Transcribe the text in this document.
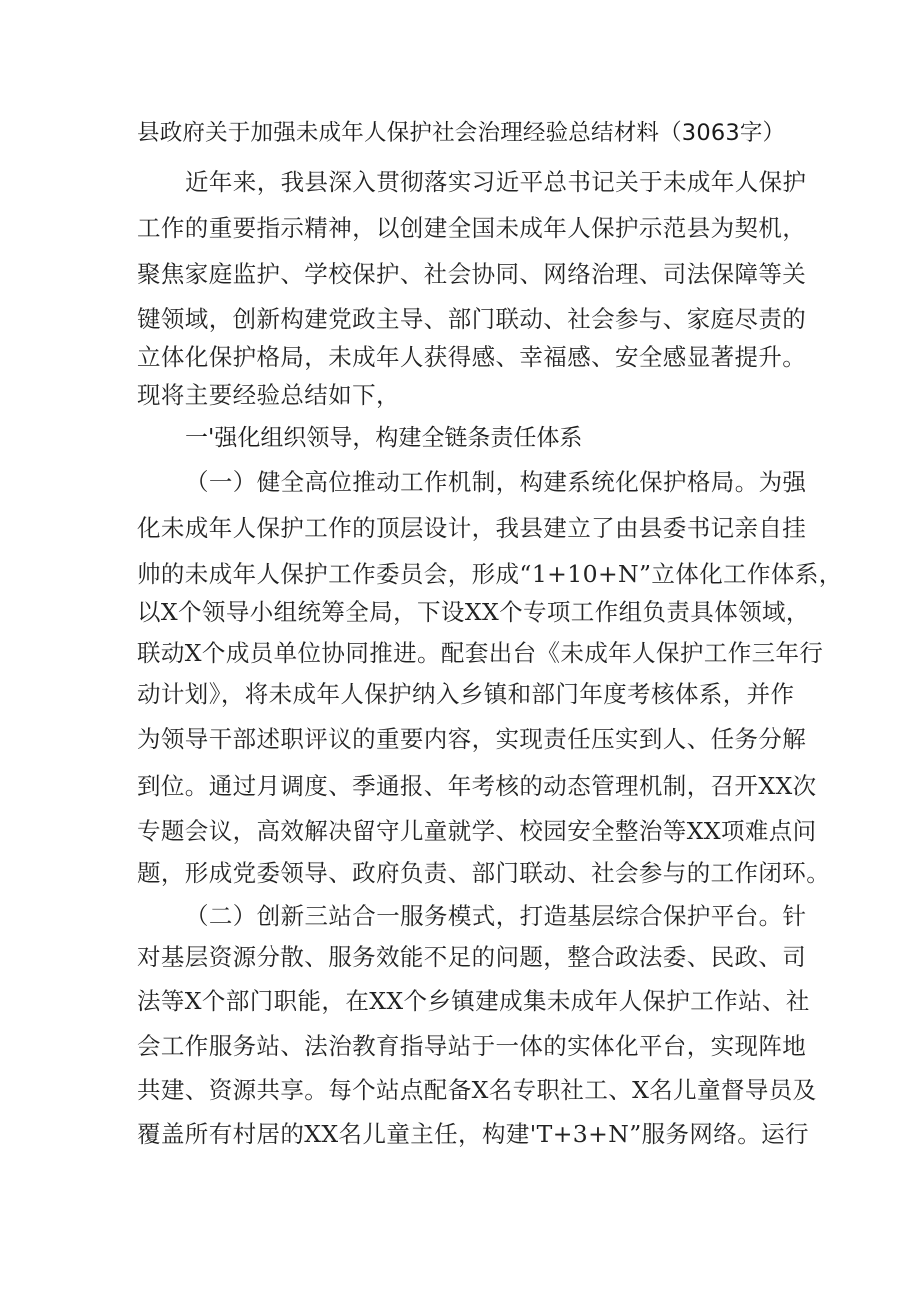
县政府关于加强未成年人保护社会治理经验总结材料（3063字）
近年来，我县深入贯彻落实习近平总书记关于未成年人保护
工作的重要指示精神，以创建全国未成年人保护示范县为契机，
聚焦家庭监护、学校保护、社会协同、网络治理、司法保障等关
键领域，创新构建党政主导、部门联动、社会参与、家庭尽责的
立体化保护格局，未成年人获得感、幸福感、安全感显著提升。
现将主要经验总结如下，
一'强化组织领导，构建全链条责任体系
（一）健全高位推动工作机制，构建系统化保护格局。为强
化未成年人保护工作的顶层设计，我县建立了由县委书记亲自挂
帅的未成年人保护工作委员会，形成“1+10+N”立体化工作体系，
以X个领导小组统筹全局，下设XX个专项工作组负责具体领域，
联动X个成员单位协同推进。配套出台《未成年人保护工作三年行
动计划》，将未成年人保护纳入乡镇和部门年度考核体系，并作
为领导干部述职评议的重要内容，实现责任压实到人、任务分解
到位。通过月调度、季通报、年考核的动态管理机制，召开XX次
专题会议，高效解决留守儿童就学、校园安全整治等XX项难点问
题，形成党委领导、政府负责、部门联动、社会参与的工作闭环。
（二）创新三站合一服务模式，打造基层综合保护平台。针
对基层资源分散、服务效能不足的问题，整合政法委、民政、司
法等X个部门职能，在XX个乡镇建成集未成年人保护工作站、社
会工作服务站、法治教育指导站于一体的实体化平台，实现阵地
共建、资源共享。每个站点配备X名专职社工、X名儿童督导员及
覆盖所有村居的XX名儿童主任，构建'T+3+N”服务网络。运行
